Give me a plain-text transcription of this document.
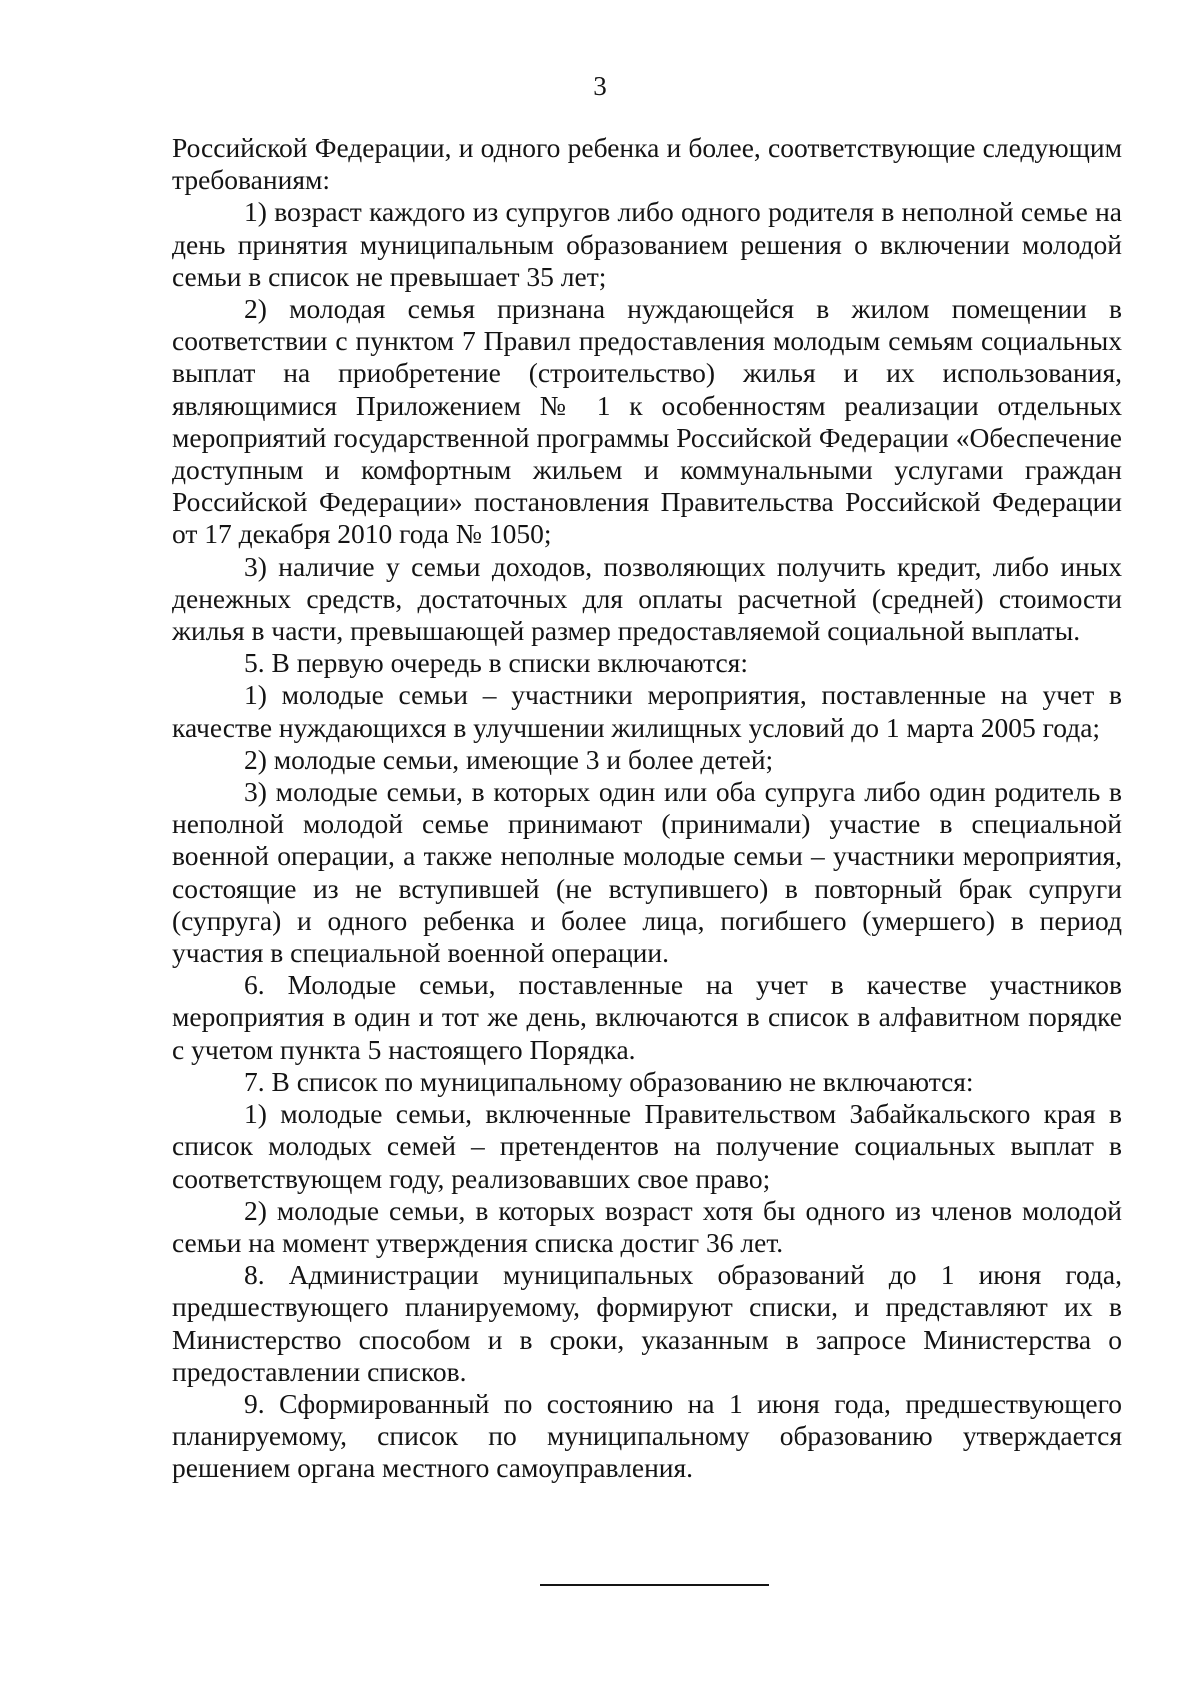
3

Российской Федерации, и одного ребенка и более, соответствующие следующим требованиям:

1) возраст каждого из супругов либо одного родителя в неполной семье на день принятия муниципальным образованием решения о включении молодой семьи в список не превышает 35 лет;

2) молодая семья признана нуждающейся в жилом помещении в соответствии с пунктом 7 Правил предоставления молодым семьям социальных выплат на приобретение (строительство) жилья и их использования, являющимися Приложением № 1 к особенностям реализации отдельных мероприятий государственной программы Российской Федерации «Обеспечение доступным и комфортным жильем и коммунальными услугами граждан Российской Федерации» постановления Правительства Российской Федерации от 17 декабря 2010 года № 1050;

3) наличие у семьи доходов, позволяющих получить кредит, либо иных денежных средств, достаточных для оплаты расчетной (средней) стоимости жилья в части, превышающей размер предоставляемой социальной выплаты.

5. В первую очередь в списки включаются:

1) молодые семьи – участники мероприятия, поставленные на учет в качестве нуждающихся в улучшении жилищных условий до 1 марта 2005 года;

2) молодые семьи, имеющие 3 и более детей;

3) молодые семьи, в которых один или оба супруга либо один родитель в неполной молодой семье принимают (принимали) участие в специальной военной операции, а также неполные молодые семьи – участники мероприятия, состоящие из не вступившей (не вступившего) в повторный брак супруги (супруга) и одного ребенка и более лица, погибшего (умершего) в период участия в специальной военной операции.

6. Молодые семьи, поставленные на учет в качестве участников мероприятия в один и тот же день, включаются в список в алфавитном порядке с учетом пункта 5 настоящего Порядка.

7. В список по муниципальному образованию не включаются:

1) молодые семьи, включенные Правительством Забайкальского края в список молодых семей – претендентов на получение социальных выплат в соответствующем году, реализовавших свое право;

2) молодые семьи, в которых возраст хотя бы одного из членов молодой семьи на момент утверждения списка достиг 36 лет.

8. Администрации муниципальных образований до 1 июня года, предшествующего планируемому, формируют списки, и представляют их в Министерство способом и в сроки, указанным в запросе Министерства о предоставлении списков.

9. Сформированный по состоянию на 1 июня года, предшествующего планируемому, список по муниципальному образованию утверждается решением органа местного самоуправления.
